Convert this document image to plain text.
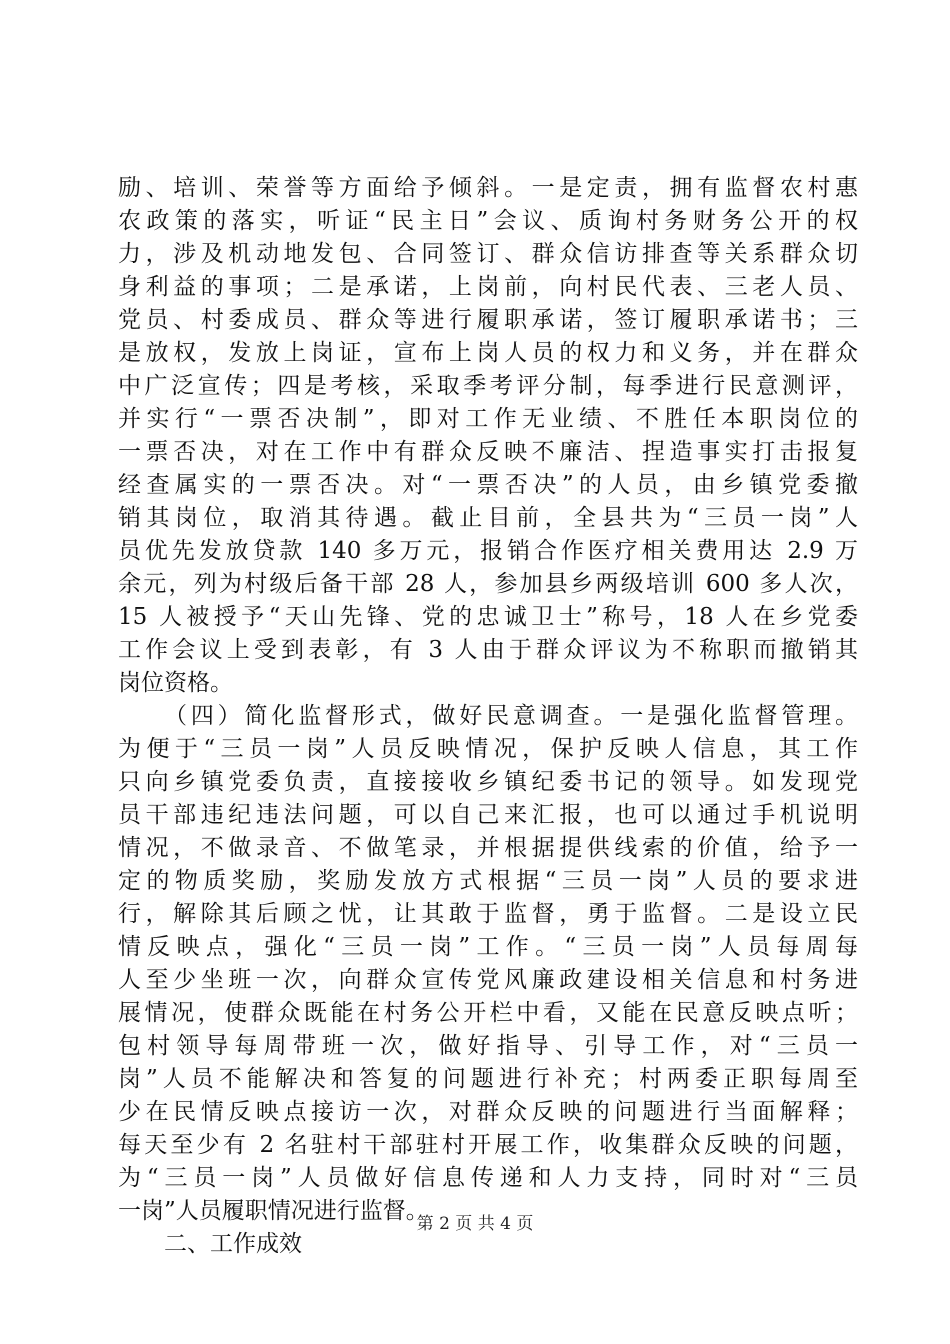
励、培训、荣誉等方面给予倾斜。一是定责，拥有监督农村惠
农政策的落实，听证“民主日”会议、质询村务财务公开的权
力，涉及机动地发包、合同签订、群众信访排查等关系群众切
身利益的事项；二是承诺，上岗前，向村民代表、三老人员、
党员、村委成员、群众等进行履职承诺，签订履职承诺书；三
是放权，发放上岗证，宣布上岗人员的权力和义务，并在群众
中广泛宣传；四是考核，采取季考评分制，每季进行民意测评，
并实行“一票否决制”，即对工作无业绩、不胜任本职岗位的
一票否决，对在工作中有群众反映不廉洁、捏造事实打击报复
经查属实的一票否决。对“一票否决”的人员，由乡镇党委撤
销其岗位，取消其待遇。截止目前，全县共为“三员一岗”人
员优先发放贷款 140 多万元，报销合作医疗相关费用达 2.9 万
余元，列为村级后备干部 28 人，参加县乡两级培训 600 多人次，
15 人被授予“天山先锋、党的忠诚卫士”称号，18 人在乡党委
工作会议上受到表彰，有 3 人由于群众评议为不称职而撤销其
岗位资格。
（四）简化监督形式，做好民意调查。一是强化监督管理。
为便于“三员一岗”人员反映情况，保护反映人信息，其工作
只向乡镇党委负责，直接接收乡镇纪委书记的领导。如发现党
员干部违纪违法问题，可以自己来汇报，也可以通过手机说明
情况，不做录音、不做笔录，并根据提供线索的价值，给予一
定的物质奖励，奖励发放方式根据“三员一岗”人员的要求进
行，解除其后顾之忧，让其敢于监督，勇于监督。二是设立民
情反映点，强化“三员一岗”工作。“三员一岗”人员每周每
人至少坐班一次，向群众宣传党风廉政建设相关信息和村务进
展情况，使群众既能在村务公开栏中看，又能在民意反映点听；
包村领导每周带班一次，做好指导、引导工作，对“三员一
岗”人员不能解决和答复的问题进行补充；村两委正职每周至
少在民情反映点接访一次，对群众反映的问题进行当面解释；
每天至少有 2 名驻村干部驻村开展工作，收集群众反映的问题，
为“三员一岗”人员做好信息传递和人力支持，同时对“三员
一岗”人员履职情况进行监督。
二、工作成效
第 2 页 共 4 页
